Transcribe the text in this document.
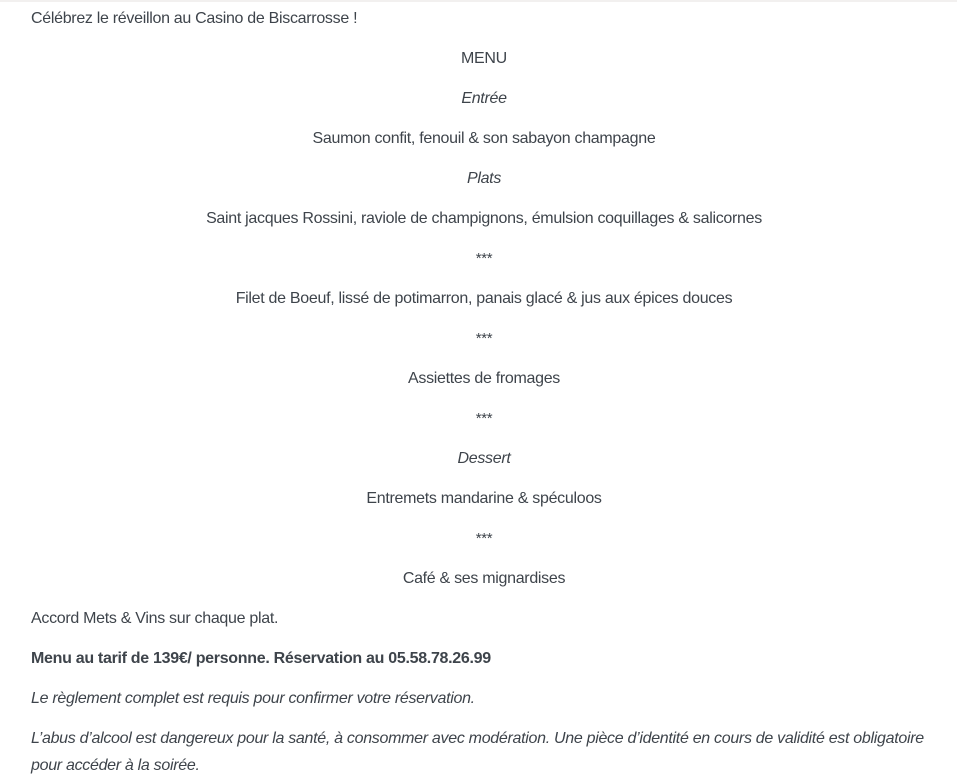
Célébrez le réveillon au Casino de Biscarrosse !

MENU

Entrée

Saumon confit, fenouil & son sabayon champagne

Plats

Saint jacques Rossini, raviole de champignons, émulsion coquillages & salicornes

***

Filet de Boeuf, lissé de potimarron, panais glacé & jus aux épices douces

***

Assiettes de fromages

***

Dessert

Entremets mandarine & spéculoos

***

Café & ses mignardises

Accord Mets & Vins sur chaque plat.

Menu au tarif de 139€/ personne. Réservation au 05.58.78.26.99

Le règlement complet est requis pour confirmer votre réservation.

L’abus d’alcool est dangereux pour la santé, à consommer avec modération. Une pièce d’identité en cours de validité est obligatoire pour accéder à la soirée.
